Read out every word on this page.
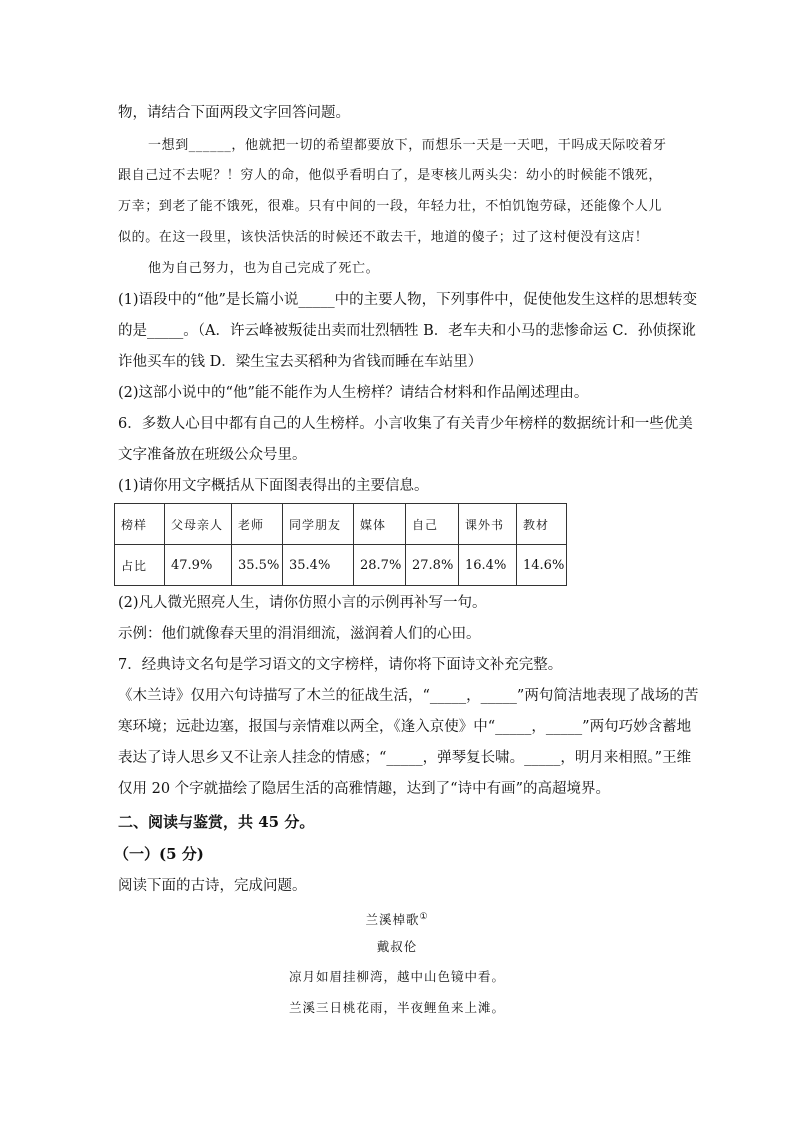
物，请结合下面两段文字回答问题。
一想到______，他就把一切的希望都要放下，而想乐一天是一天吧，干吗成天际咬着牙
跟自己过不去呢？！穷人的命，他似乎看明白了，是枣核儿两头尖：幼小的时候能不饿死，
万幸；到老了能不饿死，很难。只有中间的一段，年轻力壮，不怕饥饱劳碌，还能像个人儿
似的。在这一段里，该快活快活的时候还不敢去干，地道的傻子；过了这村便没有这店！
他为自己努力，也为自己完成了死亡。
(1)语段中的“他”是长篇小说_____中的主要人物，下列事件中，促使他发生这样的思想转变
的是_____。（A．许云峰被叛徒出卖而壮烈牺牲 B．老车夫和小马的悲惨命运 C．孙侦探讹
诈他买车的钱 D．梁生宝去买稻种为省钱而睡在车站里）
(2)这部小说中的“他”能不能作为人生榜样？请结合材料和作品阐述理由。
6．多数人心目中都有自己的人生榜样。小言收集了有关青少年榜样的数据统计和一些优美
文字准备放在班级公众号里。
(1)请你用文字概括从下面图表得出的主要信息。
榜样	父母亲人	老师	同学朋友	媒体	自己	课外书	教材
占比	47.9%	35.5%	35.4%	28.7%	27.8%	16.4%	14.6%
(2)凡人微光照亮人生，请你仿照小言的示例再补写一句。
示例：他们就像春天里的涓涓细流，滋润着人们的心田。
7．经典诗文名句是学习语文的文字榜样，请你将下面诗文补充完整。
《木兰诗》仅用六句诗描写了木兰的征战生活，“_____，_____”两句简洁地表现了战场的苦
寒环境；远赴边塞，报国与亲情难以两全，《逢入京使》中“_____，_____”两句巧妙含蓄地
表达了诗人思乡又不让亲人挂念的情感；“_____，弹琴复长啸。_____，明月来相照。”王维
仅用 20 个字就描绘了隐居生活的高雅情趣，达到了“诗中有画”的高超境界。
二、阅读与鉴赏，共 45 分。
（一）(5 分)
阅读下面的古诗，完成问题。
兰溪棹歌①
戴叔伦
凉月如眉挂柳湾，越中山色镜中看。
兰溪三日桃花雨，半夜鲤鱼来上滩。
